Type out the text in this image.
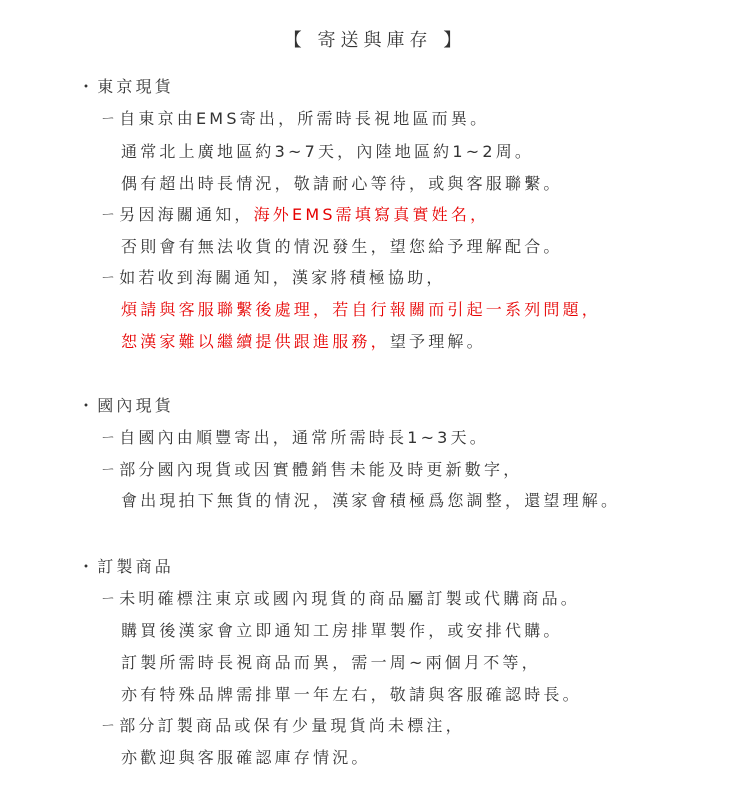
【 寄送與庫存 】
・東京現貨
ㄧ自東京由EMS寄出，所需時長視地區而異。
通常北上廣地區約3~7天，內陸地區約1~2周。
偶有超出時長情況，敬請耐心等待，或與客服聯繫。
ㄧ另因海關通知，海外EMS需填寫真實姓名，
否則會有無法收貨的情況發生，望您給予理解配合。
ㄧ如若收到海關通知，漢家將積極協助，
煩請與客服聯繫後處理，若自行報關而引起一系列問題，
恕漢家難以繼續提供跟進服務，望予理解。
・國內現貨
ㄧ自國內由順豐寄出，通常所需時長1~3天。
ㄧ部分國內現貨或因實體銷售未能及時更新數字，
會出現拍下無貨的情況，漢家會積極爲您調整，還望理解。
・訂製商品
ㄧ未明確標注東京或國內現貨的商品屬訂製或代購商品。
購買後漢家會立即通知工房排單製作，或安排代購。
訂製所需時長視商品而異，需一周~兩個月不等，
亦有特殊品牌需排單一年左右，敬請與客服確認時長。
ㄧ部分訂製商品或保有少量現貨尚未標注，
亦歡迎與客服確認庫存情況。
